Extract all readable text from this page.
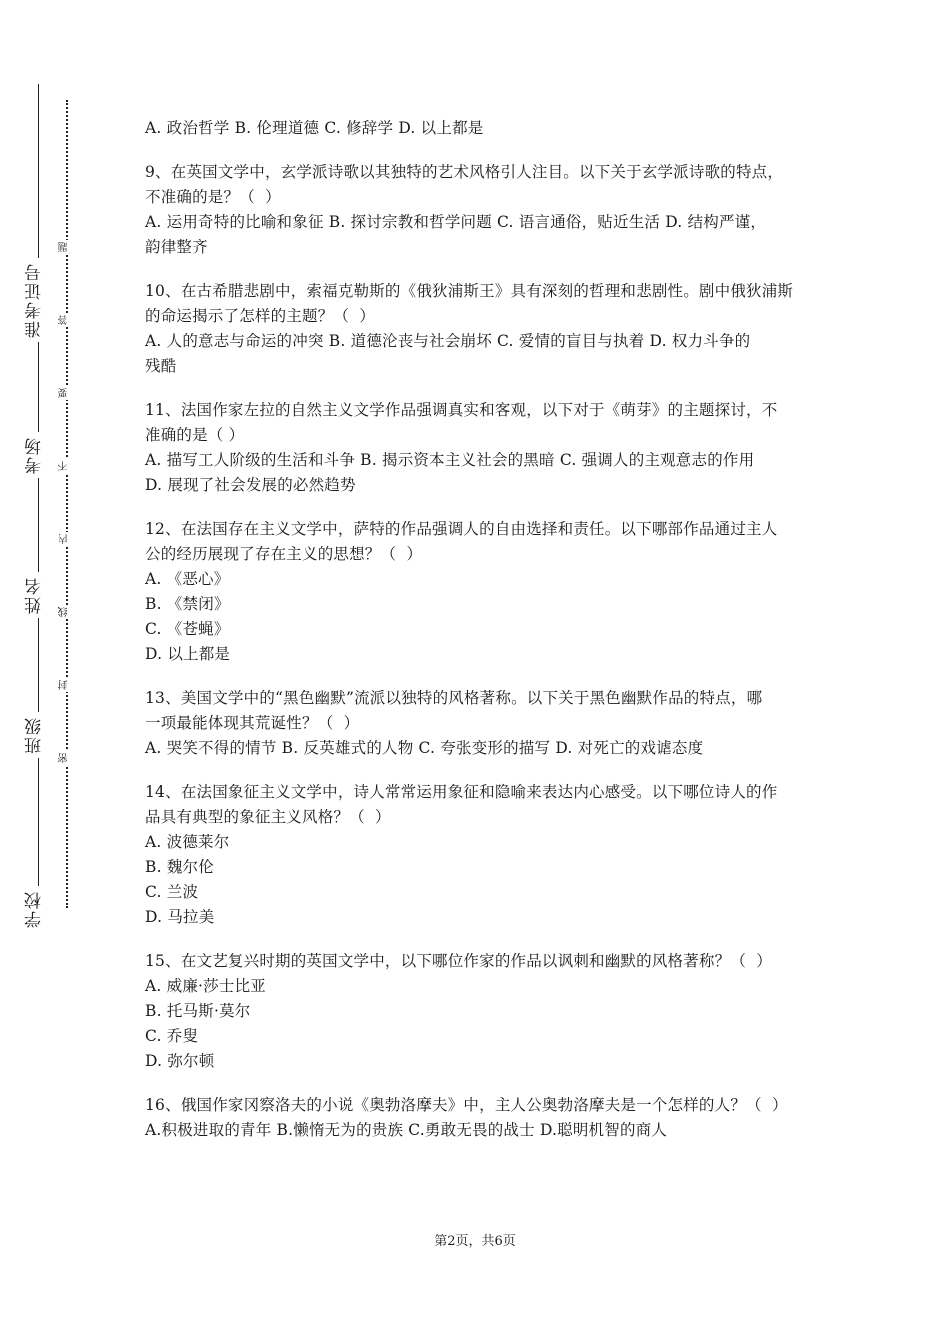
准考证号
考场
姓名
班级
学校
题
答
要
不
内
线
封
密
A. 政治哲学 B. 伦理道德 C. 修辞学 D. 以上都是
9、在英国文学中，玄学派诗歌以其独特的艺术风格引人注目。以下关于玄学派诗歌的特点，
不准确的是？（  ）
A. 运用奇特的比喻和象征 B. 探讨宗教和哲学问题 C. 语言通俗，贴近生活 D. 结构严谨，
韵律整齐
10、在古希腊悲剧中，索福克勒斯的《俄狄浦斯王》具有深刻的哲理和悲剧性。剧中俄狄浦斯
的命运揭示了怎样的主题？（  ）
A. 人的意志与命运的冲突 B. 道德沦丧与社会崩坏 C. 爱情的盲目与执着 D. 权力斗争的
残酷
11、法国作家左拉的自然主义文学作品强调真实和客观，以下对于《萌芽》的主题探讨，不
准确的是（ ）
A. 描写工人阶级的生活和斗争 B. 揭示资本主义社会的黑暗 C. 强调人的主观意志的作用
D. 展现了社会发展的必然趋势
12、在法国存在主义文学中，萨特的作品强调人的自由选择和责任。以下哪部作品通过主人
公的经历展现了存在主义的思想？（  ）
A. 《恶心》
B. 《禁闭》
C. 《苍蝇》
D. 以上都是
13、美国文学中的“黑色幽默”流派以独特的风格著称。以下关于黑色幽默作品的特点，哪
一项最能体现其荒诞性？（  ）
A. 哭笑不得的情节 B. 反英雄式的人物 C. 夸张变形的描写 D. 对死亡的戏谑态度
14、在法国象征主义文学中，诗人常常运用象征和隐喻来表达内心感受。以下哪位诗人的作
品具有典型的象征主义风格？（  ）
A. 波德莱尔
B. 魏尔伦
C. 兰波
D. 马拉美
15、在文艺复兴时期的英国文学中，以下哪位作家的作品以讽刺和幽默的风格著称？（  ）
A. 威廉·莎士比亚
B. 托马斯·莫尔
C. 乔叟
D. 弥尔顿
16、俄国作家冈察洛夫的小说《奥勃洛摩夫》中，主人公奥勃洛摩夫是一个怎样的人？（  ）
A.积极进取的青年 B.懒惰无为的贵族 C.勇敢无畏的战士 D.聪明机智的商人
第2页，共6页
